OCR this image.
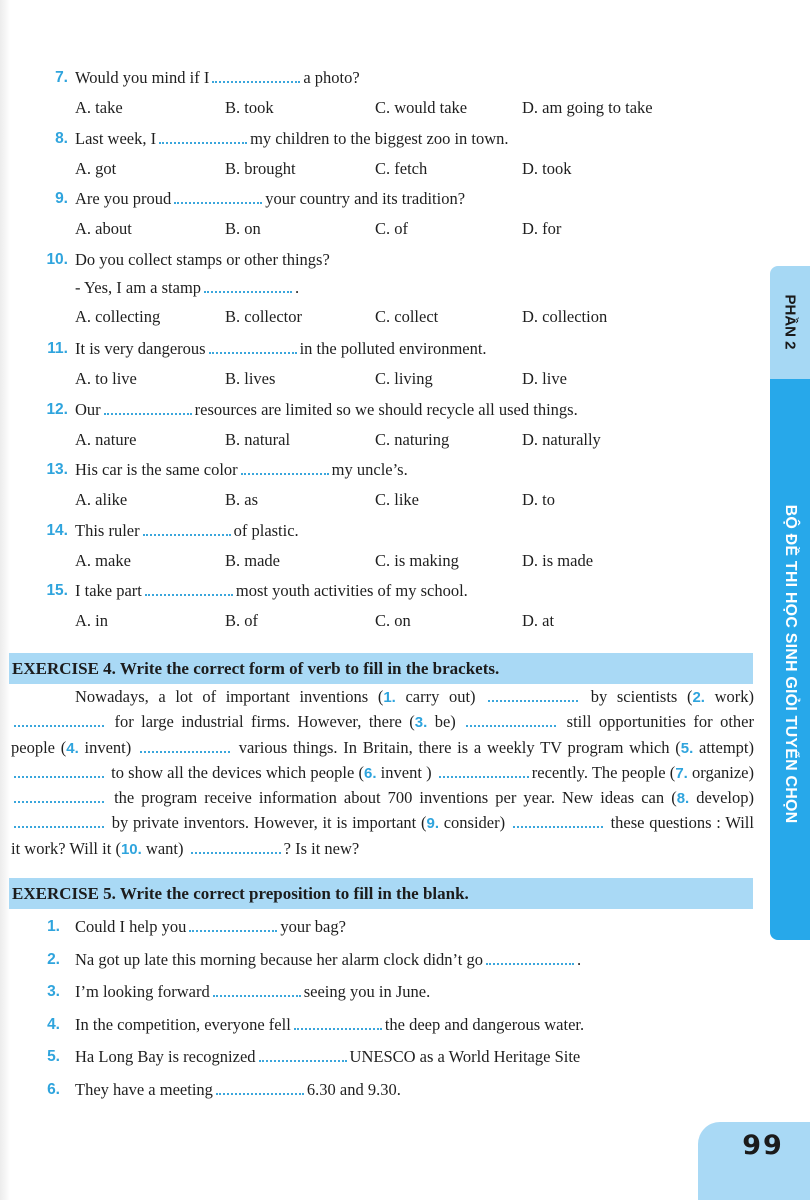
7. Would you mind if I	a photo?
A. take	B. took	C. would take	D. am going to take
8. Last week, I	my children to the biggest zoo in town.
A. got	B. brought	C. fetch	D. took
9. Are you proud	your country and its tradition?
A. about	B. on	C. of	D. for
10. Do you collect stamps or other things?
- Yes, I am a stamp	.
A. collecting	B. collector	C. collect	D. collection
11. It is very dangerous	in the polluted environment.
A. to live	B. lives	C. living	D. live
12. Our	resources are limited so we should recycle all used things.
A. nature	B. natural	C. naturing	D. naturally
13. His car is the same color	my uncle’s.
A. alike	B. as	C. like	D. to
14. This ruler	of plastic.
A. make	B. made	C. is making	D. is made
15. I take part	most youth activities of my school.
A. in	B. of	C. on	D. at
EXERCISE 4. Write the correct form of verb to fill in the brackets.
Nowadays, a lot of important inventions (1. carry out)	by scientists (2. work)  for large industrial firms. However, there (3. be)	still opportunities for other people (4. invent)	various things. In Britain, there is a weekly TV program which (5. attempt)  to show all the devices which people (6. invent )	recently. The people (7. organize)  the program receive information about 700 inventions per year. New ideas can (8. develop)  by private inventors. However, it is important (9. consider)	these questions : Will it work? Will it (10. want)	? Is it new?
EXERCISE 5. Write the correct preposition to fill in the blank.
1. Could I help you	your bag?
2. Na got up late this morning because her alarm clock didn’t go	.
3. I’m looking forward	seeing you in June.
4. In the competition, everyone fell	the deep and dangerous water.
5. Ha Long Bay is recognized	UNESCO as a World Heritage Site
6. They have a meeting	6.30 and 9.30.
PHẦN 2
BỘ ĐỀ THI HỌC SINH GIỎI TUYỂN CHỌN
99
